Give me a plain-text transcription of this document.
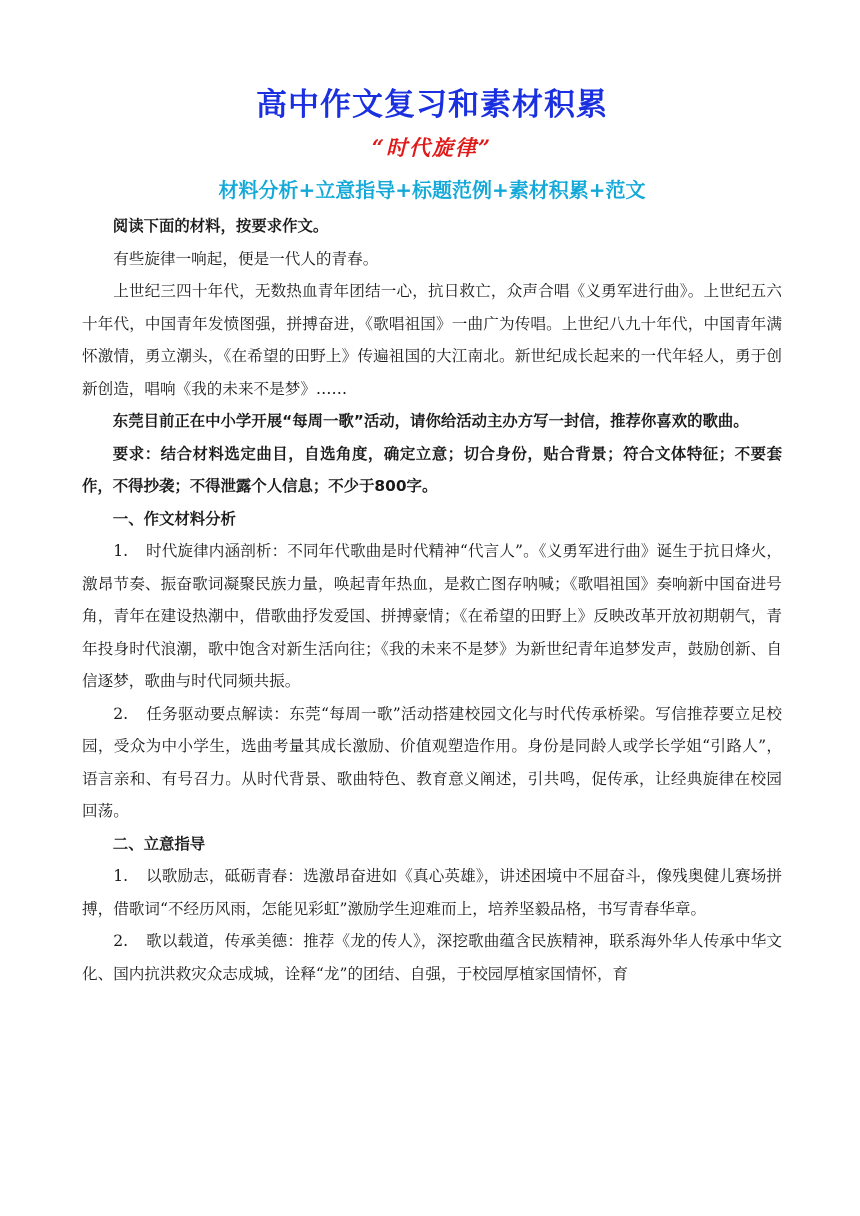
高中作文复习和素材积累
“时代旋律”
材料分析+立意指导+标题范例+素材积累+范文

阅读下面的材料，按要求作文。

有些旋律一响起，便是一代人的青春。

上世纪三四十年代，无数热血青年团结一心，抗日救亡，众声合唱《义勇军进行曲》。上世纪五六十年代，中国青年发愤图强，拼搏奋进，《歌唱祖国》一曲广为传唱。上世纪八九十年代，中国青年满怀激情，勇立潮头，《在希望的田野上》传遍祖国的大江南北。新世纪成长起来的一代年轻人，勇于创新创造，唱响《我的未来不是梦》……

东莞目前正在中小学开展“每周一歌”活动，请你给活动主办方写一封信，推荐你喜欢的歌曲。

要求：结合材料选定曲目，自选角度，确定立意；切合身份，贴合背景；符合文体特征；不要套作，不得抄袭；不得泄露个人信息；不少于800字。

一、作文材料分析

1. 时代旋律内涵剖析：不同年代歌曲是时代精神“代言人”。《义勇军进行曲》诞生于抗日烽火，激昂节奏、振奋歌词凝聚民族力量，唤起青年热血，是救亡图存呐喊；《歌唱祖国》奏响新中国奋进号角，青年在建设热潮中，借歌曲抒发爱国、拼搏豪情；《在希望的田野上》反映改革开放初期朝气，青年投身时代浪潮，歌中饱含对新生活向往；《我的未来不是梦》为新世纪青年追梦发声，鼓励创新、自信逐梦，歌曲与时代同频共振。

2. 任务驱动要点解读：东莞“每周一歌”活动搭建校园文化与时代传承桥梁。写信推荐要立足校园，受众为中小学生，选曲考量其成长激励、价值观塑造作用。身份是同龄人或学长学姐“引路人”，语言亲和、有号召力。从时代背景、歌曲特色、教育意义阐述，引共鸣，促传承，让经典旋律在校园回荡。

二、立意指导

1. 以歌励志，砥砺青春：选激昂奋进如《真心英雄》，讲述困境中不屈奋斗，像残奥健儿赛场拼搏，借歌词“不经历风雨，怎能见彩虹”激励学生迎难而上，培养坚毅品格，书写青春华章。

2. 歌以载道，传承美德：推荐《龙的传人》，深挖歌曲蕴含民族精神，联系海外华人传承中华文化、国内抗洪救灾众志成城，诠释“龙”的团结、自强，于校园厚植家国情怀，育
